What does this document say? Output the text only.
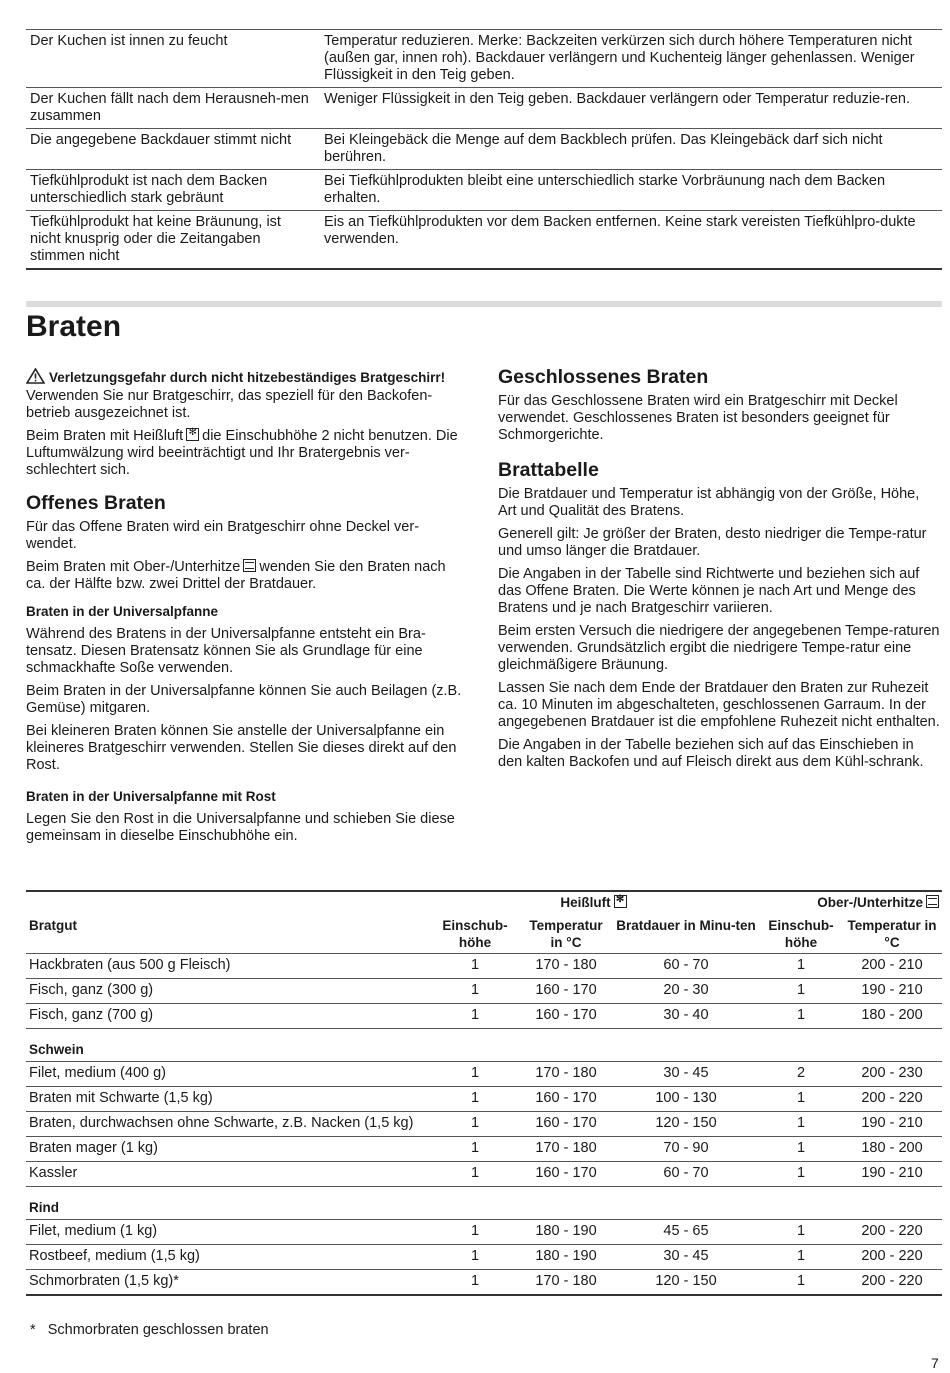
Der Kuchen ist innen zu feucht	Temperatur reduzieren. Merke: Backzeiten verkürzen sich durch höhere Temperaturen nicht (außen gar, innen roh). Backdauer verlängern und Kuchenteig länger gehenlassen. Weniger Flüssigkeit in den Teig geben.
Der Kuchen fällt nach dem Herausneh-men zusammen	Weniger Flüssigkeit in den Teig geben. Backdauer verlängern oder Temperatur reduzie-ren.
Die angegebene Backdauer stimmt nicht	Bei Kleingebäck die Menge auf dem Backblech prüfen. Das Kleingebäck darf sich nicht berühren.
Tiefkühlprodukt ist nach dem Backen unterschiedlich stark gebräunt	Bei Tiefkühlprodukten bleibt eine unterschiedlich starke Vorbräunung nach dem Backen erhalten.
Tiefkühlprodukt hat keine Bräunung, ist nicht knusprig oder die Zeitangaben stimmen nicht	Eis an Tiefkühlprodukten vor dem Backen entfernen. Keine stark vereisten Tiefkühlpro-dukte verwenden.
Braten
Verletzungsgefahr durch nicht hitzebeständiges Bratgeschirr!

Verwenden Sie nur Bratgeschirr, das speziell für den Backofen-betrieb ausgezeichnet ist.

Beim Braten mit Heißluft ✻ die Einschubhöhe 2 nicht benutzen. Die Luftumwälzung wird beeinträchtigt und Ihr Bratergebnis ver-schlechtert sich.

Offenes Braten

Für das Offene Braten wird ein Bratgeschirr ohne Deckel ver-wendet.

Beim Braten mit Ober-/Unterhitze wenden Sie den Braten nach ca. der Hälfte bzw. zwei Drittel der Bratdauer.

Braten in der Universalpfanne

Während des Bratens in der Universalpfanne entsteht ein Bra-tensatz. Diesen Bratensatz können Sie als Grundlage für eine schmackhafte Soße verwenden.

Beim Braten in der Universalpfanne können Sie auch Beilagen (z.B. Gemüse) mitgaren.

Bei kleineren Braten können Sie anstelle der Universalpfanne ein kleineres Bratgeschirr verwenden. Stellen Sie dieses direkt auf den Rost.

Braten in der Universalpfanne mit Rost

Legen Sie den Rost in die Universalpfanne und schieben Sie diese gemeinsam in dieselbe Einschubhöhe ein.

Geschlossenes Braten

Für das Geschlossene Braten wird ein Bratgeschirr mit Deckel verwendet. Geschlossenes Braten ist besonders geeignet für Schmorgerichte.

Brattabelle

Die Bratdauer und Temperatur ist abhängig von der Größe, Höhe, Art und Qualität des Bratens.

Generell gilt: Je größer der Braten, desto niedriger die Tempe-ratur und umso länger die Bratdauer.

Die Angaben in der Tabelle sind Richtwerte und beziehen sich auf das Offene Braten. Die Werte können je nach Art und Menge des Bratens und je nach Bratgeschirr variieren.

Beim ersten Versuch die niedrigere der angegebenen Tempe-raturen verwenden. Grundsätzlich ergibt die niedrigere Tempe-ratur eine gleichmäßigere Bräunung.

Lassen Sie nach dem Ende der Bratdauer den Braten zur Ruhezeit ca. 10 Minuten im abgeschalteten, geschlossenen Garraum. In der angegebenen Bratdauer ist die empfohlene Ruhezeit nicht enthalten.

Die Angaben in der Tabelle beziehen sich auf das Einschieben in den kalten Backofen und auf Fleisch direkt aus dem Kühl-schrank.

	Heißluft✻			Ober-/Unterhitze	
Bratgut	Einschub-höhe	Temperatur in °C	Bratdauer in Minu-ten	Einschub-höhe	Temperatur in °C
Hackbraten (aus 500 g Fleisch)	1	170 - 180	60 - 70	1	200 - 210
Fisch, ganz (300 g)	1	160 - 170	20 - 30	1	190 - 210
Fisch, ganz (700 g)	1	160 - 170	30 - 40	1	180 - 200
Schwein					
Filet, medium (400 g)	1	170 - 180	30 - 45	2	200 - 230
Braten mit Schwarte (1,5 kg)	1	160 - 170	100 - 130	1	200 - 220
Braten, durchwachsen ohne Schwarte, z.B. Nacken (1,5 kg)	1	160 - 170	120 - 150	1	190 - 210
Braten mager (1 kg)	1	170 - 180	70 - 90	1	180 - 200
Kassler	1	160 - 170	60 - 70	1	190 - 210
Rind					
Filet, medium (1 kg)	1	180 - 190	45 - 65	1	200 - 220
Rostbeef, medium (1,5 kg)	1	180 - 190	30 - 45	1	200 - 220
Schmorbraten (1,5 kg)*	1	170 - 180	120 - 150	1	200 - 220
*   Schmorbraten geschlossen braten
7
